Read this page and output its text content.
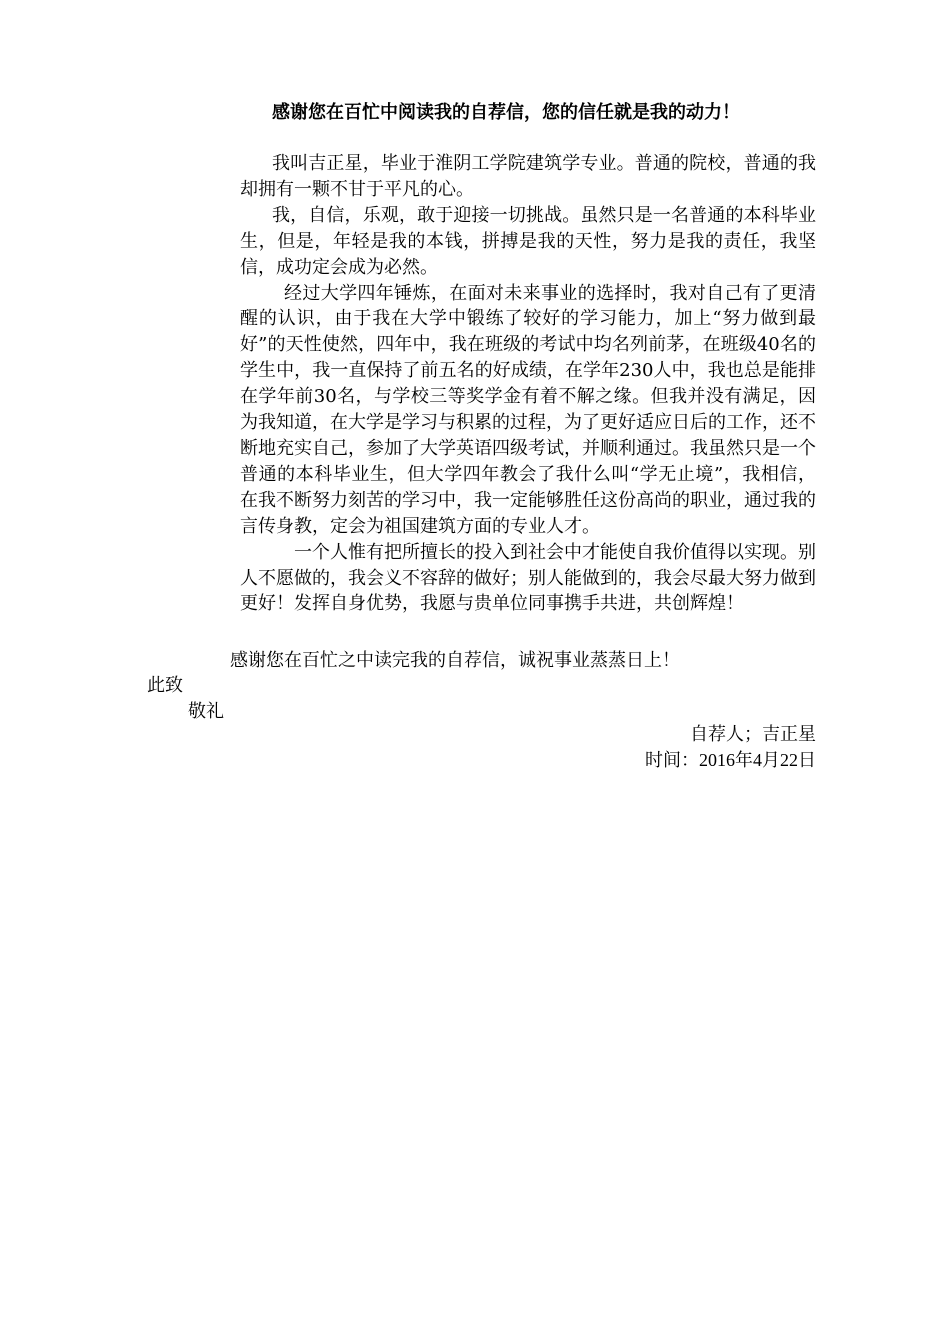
感谢您在百忙中阅读我的自荐信，您的信任就是我的动力！

我叫吉正星，毕业于淮阴工学院建筑学专业。普通的院校，普通的我却拥有一颗不甘于平凡的心。

我，自信，乐观，敢于迎接一切挑战。虽然只是一名普通的本科毕业生，但是，年轻是我的本钱，拼搏是我的天性，努力是我的责任，我坚信，成功定会成为必然。

经过大学四年锤炼，在面对未来事业的选择时，我对自己有了更清醒的认识，由于我在大学中锻练了较好的学习能力，加上“努力做到最好”的天性使然，四年中，我在班级的考试中均名列前茅，在班级40名的学生中，我一直保持了前五名的好成绩，在学年230人中，我也总是能排在学年前30名，与学校三等奖学金有着不解之缘。但我并没有满足，因为我知道，在大学是学习与积累的过程，为了更好适应日后的工作，还不断地充实自己，参加了大学英语四级考试，并顺利通过。我虽然只是一个普通的本科毕业生，但大学四年教会了我什么叫“学无止境”，我相信，在我不断努力刻苦的学习中，我一定能够胜任这份高尚的职业，通过我的言传身教，定会为祖国建筑方面的专业人才。

一个人惟有把所擅长的投入到社会中才能使自我价值得以实现。别人不愿做的，我会义不容辞的做好；别人能做到的，我会尽最大努力做到更好！发挥自身优势，我愿与贵单位同事携手共进，共创辉煌！

感谢您在百忙之中读完我的自荐信，诚祝事业蒸蒸日上！
此致
敬礼
自荐人；吉正星
时间：2016年4月22日
